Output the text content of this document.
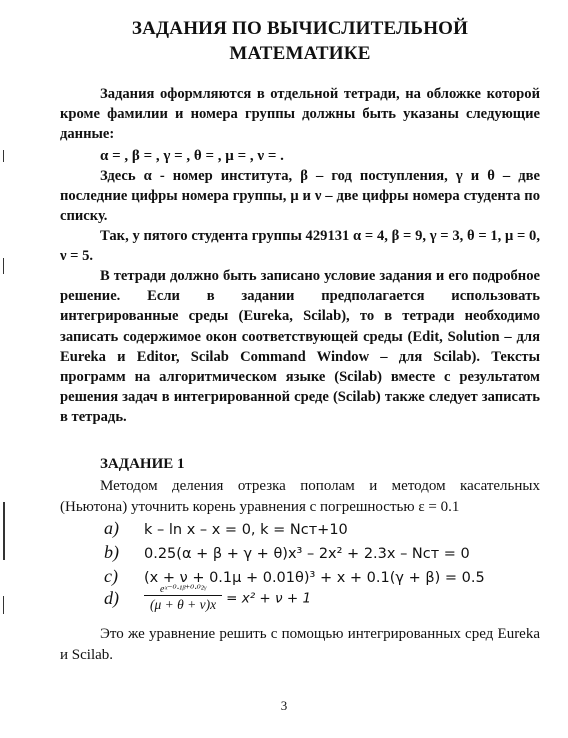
ЗАДАНИЯ ПО ВЫЧИСЛИТЕЛЬНОЙ
МАТЕМАТИКЕ
Задания оформляются в отдельной тетради, на обложке которой кроме фамилии и номера группы должны быть указаны следующие данные:
α = , β = , γ = , θ = , μ = , ν = .
Здесь α - номер института, β – год поступления, γ и θ – две последние цифры номера группы, μ и ν – две цифры номера студента по списку.
Так, у пятого студента группы 429131 α = 4, β = 9, γ = 3, θ = 1, μ = 0, ν = 5.
В тетради должно быть записано условие задания и его подробное решение. Если в задании предполагается использовать интегрированные среды (Eureka, Scilab), то в тетради необходимо записать содержимое окон соответствующей среды (Edit, Solution – для Eureka и Editor, Scilab Command Window – для Scilab). Тексты программ на алгоритмическом языке (Scilab) вместе с результатом решения задач в интегрированной среде (Scilab) также следует записать в тетрадь.
ЗАДАНИЕ 1
Методом деления отрезка пополам и методом касательных (Ньютона) уточнить корень уравнения с погрешностью ε = 0.1
a) k – ln x – x = 0, k = Nст+10
b) 0.25(α + β + γ + θ)x³ – 2x² + 2.3x – Nст = 0
c) (x + ν + 0.1μ + 0.01θ)³ + x + 0.1(γ + β) = 0.5
d)	$\frac{\text{eˣ⁻⁰·¹ᵝ⁺⁰·⁰²ᵞ}}{(\mu + \theta + \nu)x} = x^2 + \nu + 1$
Это же уравнение решить с помощью интегрированных сред Eureka и Scilab.
3
